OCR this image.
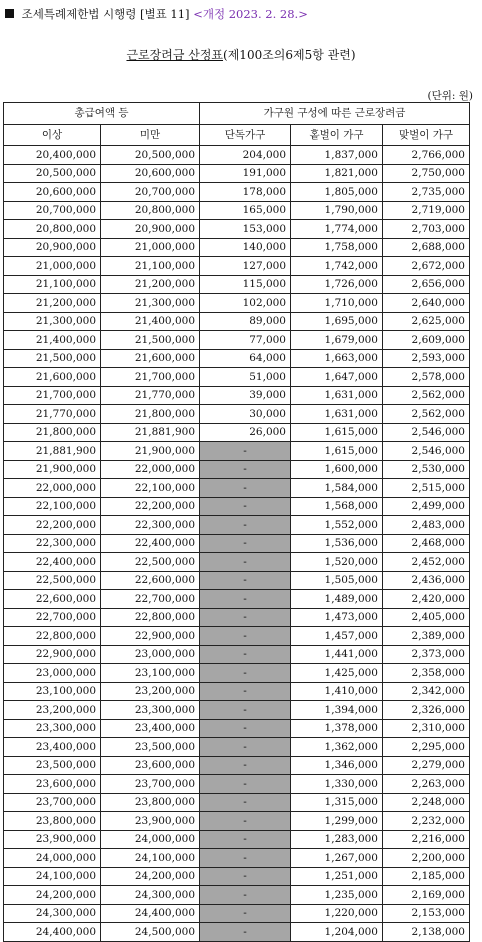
조세특례제한법 시행령 [별표 11] <개정 2023. 2. 28.>
근로장려금 산정표(제100조의6제5항 관련)
(단위: 원)
총급여액 등		가구원 구성에 따른 근로장려금		
이상	미만	단독가구	홑벌이 가구	맞벌이 가구
20,400,000	20,500,000	204,000	1,837,000	2,766,000
20,500,000	20,600,000	191,000	1,821,000	2,750,000
20,600,000	20,700,000	178,000	1,805,000	2,735,000
20,700,000	20,800,000	165,000	1,790,000	2,719,000
20,800,000	20,900,000	153,000	1,774,000	2,703,000
20,900,000	21,000,000	140,000	1,758,000	2,688,000
21,000,000	21,100,000	127,000	1,742,000	2,672,000
21,100,000	21,200,000	115,000	1,726,000	2,656,000
21,200,000	21,300,000	102,000	1,710,000	2,640,000
21,300,000	21,400,000	89,000	1,695,000	2,625,000
21,400,000	21,500,000	77,000	1,679,000	2,609,000
21,500,000	21,600,000	64,000	1,663,000	2,593,000
21,600,000	21,700,000	51,000	1,647,000	2,578,000
21,700,000	21,770,000	39,000	1,631,000	2,562,000
21,770,000	21,800,000	30,000	1,631,000	2,562,000
21,800,000	21,881,900	26,000	1,615,000	2,546,000
21,881,900	21,900,000	-	1,615,000	2,546,000
21,900,000	22,000,000	-	1,600,000	2,530,000
22,000,000	22,100,000	-	1,584,000	2,515,000
22,100,000	22,200,000	-	1,568,000	2,499,000
22,200,000	22,300,000	-	1,552,000	2,483,000
22,300,000	22,400,000	-	1,536,000	2,468,000
22,400,000	22,500,000	-	1,520,000	2,452,000
22,500,000	22,600,000	-	1,505,000	2,436,000
22,600,000	22,700,000	-	1,489,000	2,420,000
22,700,000	22,800,000	-	1,473,000	2,405,000
22,800,000	22,900,000	-	1,457,000	2,389,000
22,900,000	23,000,000	-	1,441,000	2,373,000
23,000,000	23,100,000	-	1,425,000	2,358,000
23,100,000	23,200,000	-	1,410,000	2,342,000
23,200,000	23,300,000	-	1,394,000	2,326,000
23,300,000	23,400,000	-	1,378,000	2,310,000
23,400,000	23,500,000	-	1,362,000	2,295,000
23,500,000	23,600,000	-	1,346,000	2,279,000
23,600,000	23,700,000	-	1,330,000	2,263,000
23,700,000	23,800,000	-	1,315,000	2,248,000
23,800,000	23,900,000	-	1,299,000	2,232,000
23,900,000	24,000,000	-	1,283,000	2,216,000
24,000,000	24,100,000	-	1,267,000	2,200,000
24,100,000	24,200,000	-	1,251,000	2,185,000
24,200,000	24,300,000	-	1,235,000	2,169,000
24,300,000	24,400,000	-	1,220,000	2,153,000
24,400,000	24,500,000	-	1,204,000	2,138,000
